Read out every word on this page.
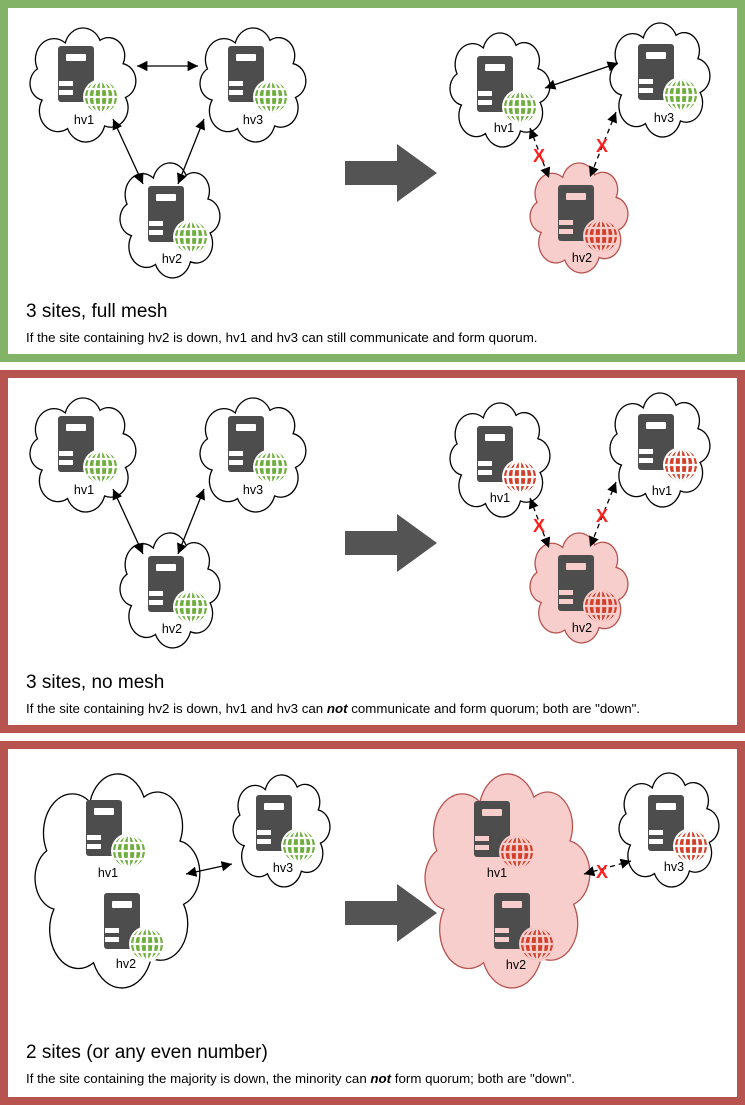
hv1	hv3
hv2
X	X
hv1
hv3
hv2
hv1	hv3
hv2
X	X
hv1	hv1
hv2
hv1
hv2
hv3	X
hv1
hv2
hv3
3 sites, full mesh
If the site containing hv2 is down, hv1 and hv3 can still communicate and form quorum.
3 sites, no mesh
If the site containing hv2 is down, hv1 and hv3 can not communicate and form quorum; both are "down".
2 sites (or any even number)
If the site containing the majority is down, the minority can not form quorum; both are "down".
